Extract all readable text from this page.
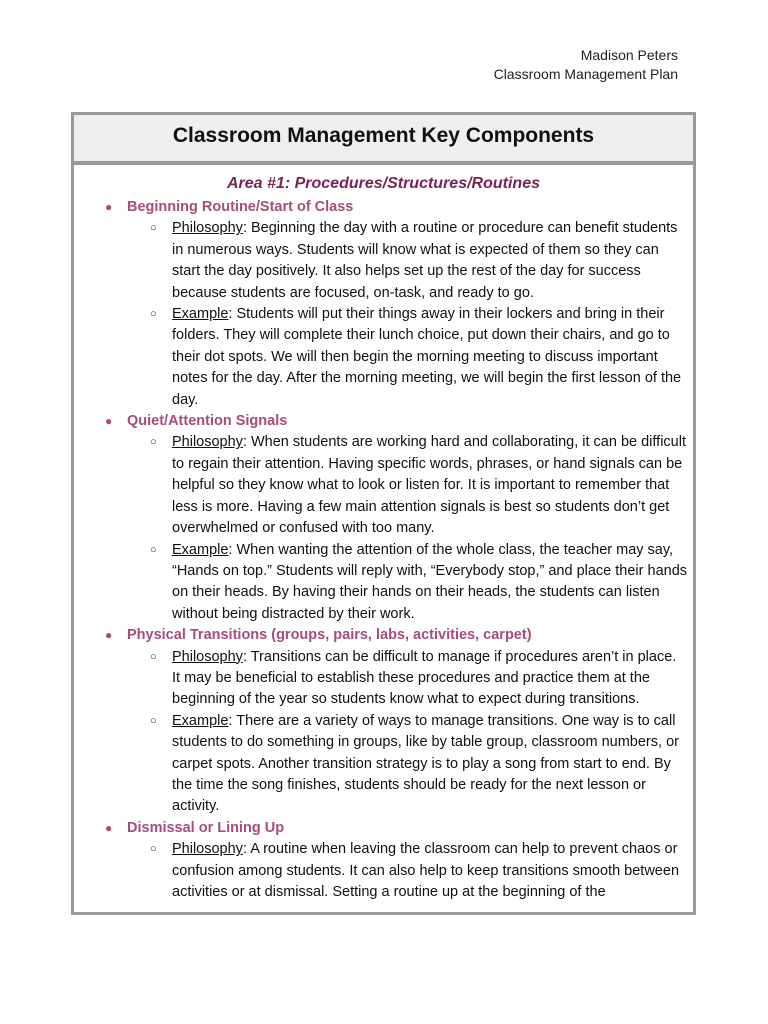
Madison Peters
Classroom Management Plan
Classroom Management Key Components
Area #1: Procedures/Structures/Routines
● Beginning Routine/Start of Class
○ Philosophy: Beginning the day with a routine or procedure can benefit students in numerous ways. Students will know what is expected of them so they can start the day positively. It also helps set up the rest of the day for success because students are focused, on-task, and ready to go.
○ Example: Students will put their things away in their lockers and bring in their folders. They will complete their lunch choice, put down their chairs, and go to their dot spots. We will then begin the morning meeting to discuss important notes for the day. After the morning meeting, we will begin the first lesson of the day.
● Quiet/Attention Signals
○ Philosophy: When students are working hard and collaborating, it can be difficult to regain their attention. Having specific words, phrases, or hand signals can be helpful so they know what to look or listen for. It is important to remember that less is more. Having a few main attention signals is best so students don’t get overwhelmed or confused with too many.
○ Example: When wanting the attention of the whole class, the teacher may say, “Hands on top.” Students will reply with, “Everybody stop,” and place their hands on their heads. By having their hands on their heads, the students can listen without being distracted by their work.
● Physical Transitions (groups, pairs, labs, activities, carpet)
○ Philosophy: Transitions can be difficult to manage if procedures aren’t in place. It may be beneficial to establish these procedures and practice them at the beginning of the year so students know what to expect during transitions.
○ Example: There are a variety of ways to manage transitions. One way is to call students to do something in groups, like by table group, classroom numbers, or carpet spots. Another transition strategy is to play a song from start to end. By the time the song finishes, students should be ready for the next lesson or activity.
● Dismissal or Lining Up
○ Philosophy: A routine when leaving the classroom can help to prevent chaos or confusion among students. It can also help to keep transitions smooth between activities or at dismissal. Setting a routine up at the beginning of the
